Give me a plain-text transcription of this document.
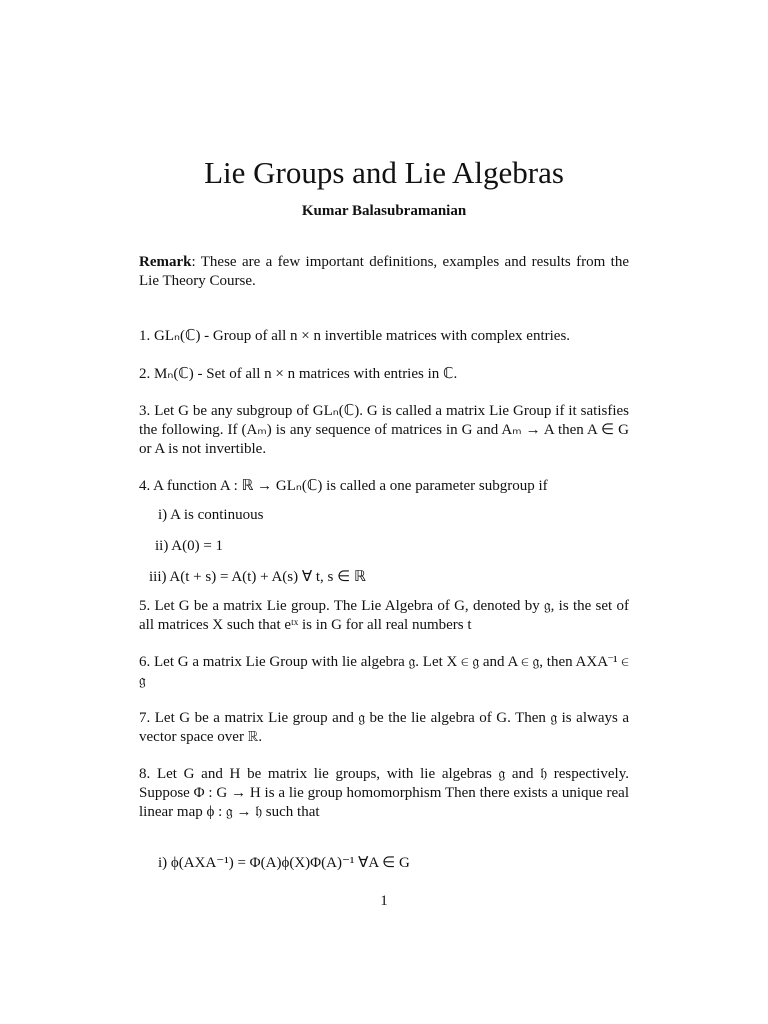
Lie Groups and Lie Algebras
Kumar Balasubramanian
Remark: These are a few important definitions, examples and results from the Lie Theory Course.
1. GLₙ(ℂ) - Group of all n × n invertible matrices with complex entries.
2. Mₙ(ℂ) - Set of all n × n matrices with entries in ℂ.
3. Let G be any subgroup of GLₙ(ℂ). G is called a matrix Lie Group if it satisfies the following. If (Aₘ) is any sequence of matrices in G and Aₘ → A then A ∈ G or A is not invertible.
4. A function A : ℝ → GLₙ(ℂ) is called a one parameter subgroup if
i) A is continuous
ii) A(0) = 1
iii) A(t + s) = A(t) + A(s) ∀ t, s ∈ ℝ
5. Let G be a matrix Lie group. The Lie Algebra of G, denoted by 𝔤, is the set of all matrices X such that eᵗˣ is in G for all real numbers t
6. Let G a matrix Lie Group with lie algebra 𝔤. Let X ∈ 𝔤 and A ∈ 𝔤, then AXA⁻¹ ∈ 𝔤
7. Let G be a matrix Lie group and 𝔤 be the lie algebra of G. Then 𝔤 is always a vector space over ℝ.
8. Let G and H be matrix lie groups, with lie algebras 𝔤 and 𝔥 respectively. Suppose Φ : G → H is a lie group homomorphism Then there exists a unique real linear map ϕ : 𝔤 → 𝔥 such that
i) ϕ(AXA⁻¹) = Φ(A)ϕ(X)Φ(A)⁻¹ ∀A ∈ G
1
